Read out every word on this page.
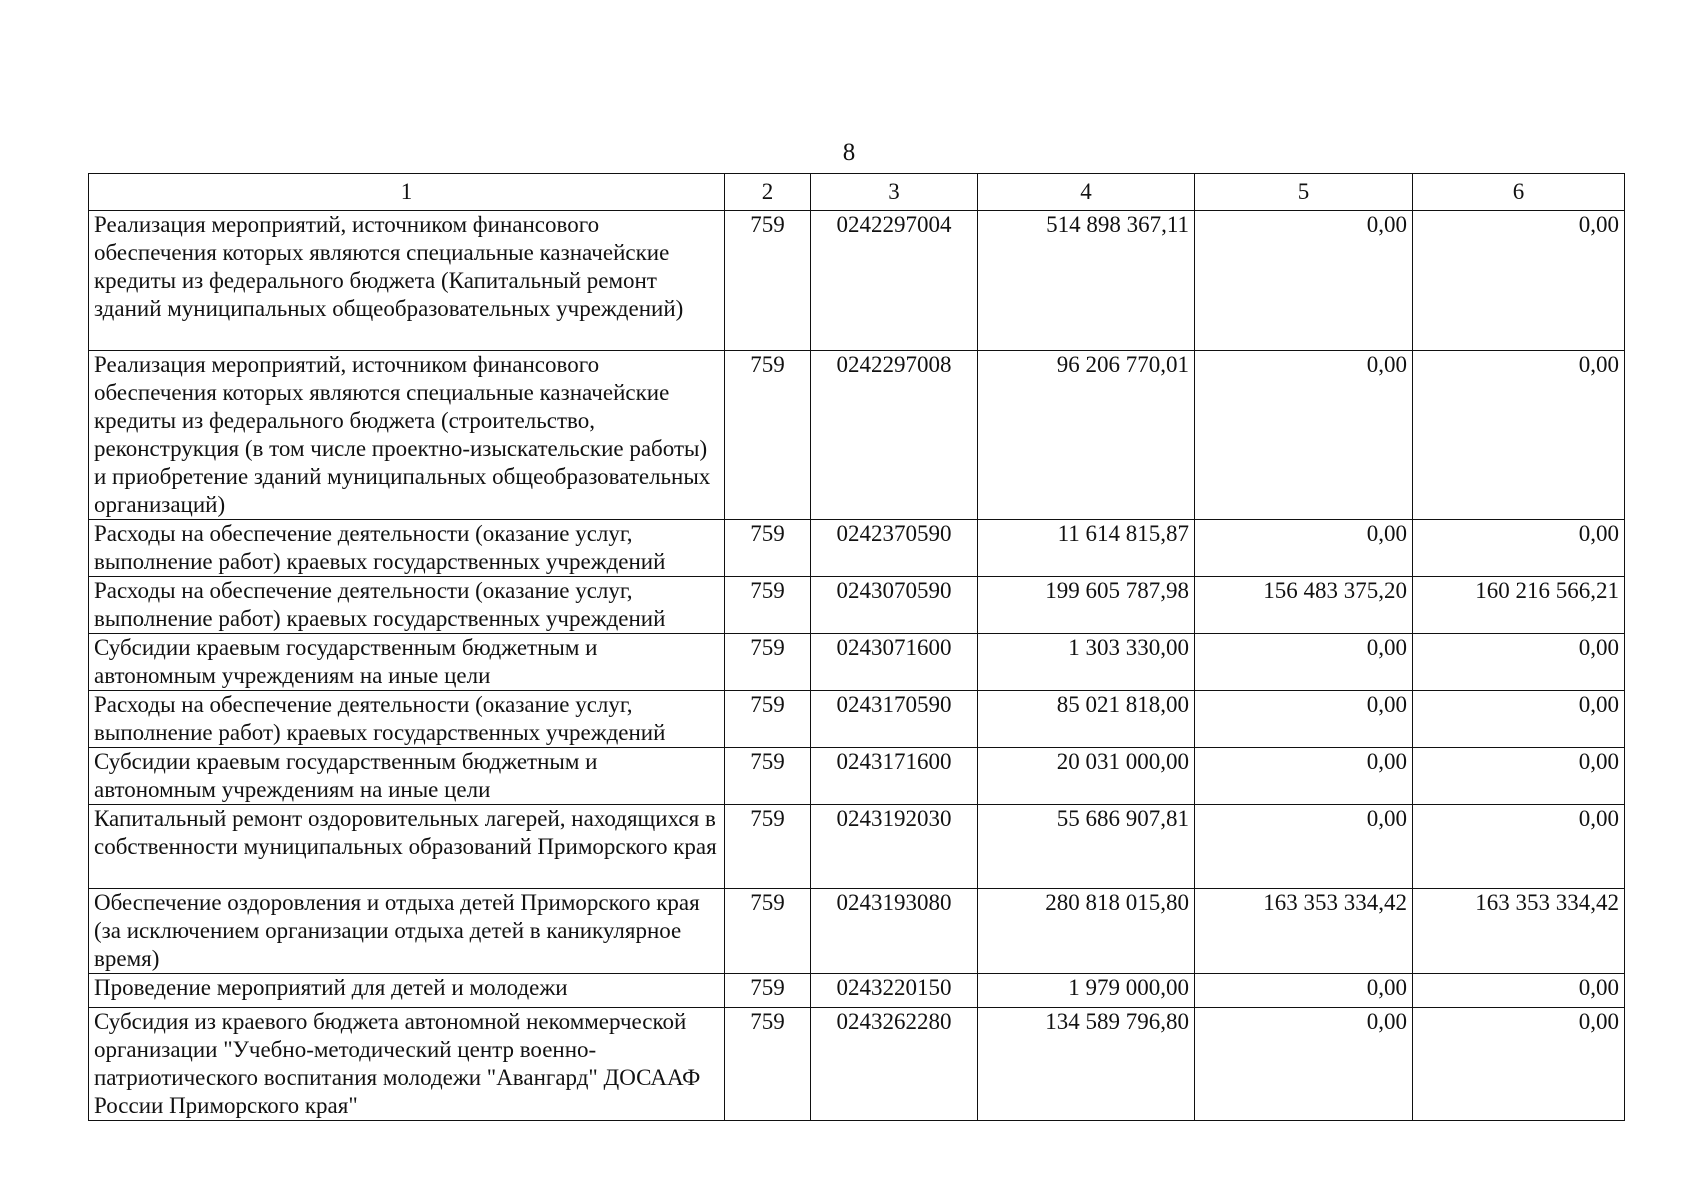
8
1	2	3	4	5	6
Реализация мероприятий, источником финансового обеспечения которых являются специальные казначейские кредиты из федерального бюджета (Капитальный ремонт зданий муниципальных общеобразовательных учреждений)	759	0242297004	514 898 367,11	0,00	0,00
Реализация мероприятий, источником финансового обеспечения которых являются специальные казначейские кредиты из федерального бюджета (строительство, реконструкция (в том числе проектно-изыскательские работы) и приобретение зданий муниципальных общеобразовательных организаций)	759	0242297008	96 206 770,01	0,00	0,00
Расходы на обеспечение деятельности (оказание услуг, выполнение работ) краевых государственных учреждений	759	0242370590	11 614 815,87	0,00	0,00
Расходы на обеспечение деятельности (оказание услуг, выполнение работ) краевых государственных учреждений	759	0243070590	199 605 787,98	156 483 375,20	160 216 566,21
Субсидии краевым государственным бюджетным и автономным учреждениям на иные цели	759	0243071600	1 303 330,00	0,00	0,00
Расходы на обеспечение деятельности (оказание услуг, выполнение работ) краевых государственных учреждений	759	0243170590	85 021 818,00	0,00	0,00
Субсидии краевым государственным бюджетным и автономным учреждениям на иные цели	759	0243171600	20 031 000,00	0,00	0,00
Капитальный ремонт оздоровительных лагерей, находящихся в собственности муниципальных образований Приморского края	759	0243192030	55 686 907,81	0,00	0,00
Обеспечение оздоровления и отдыха детей Приморского края (за исключением организации отдыха детей в каникулярное время)	759	0243193080	280 818 015,80	163 353 334,42	163 353 334,42
Проведение мероприятий для детей и молодежи	759	0243220150	1 979 000,00	0,00	0,00
Субсидия из краевого бюджета автономной некоммерческой организации "Учебно-методический центр военно-патриотического воспитания молодежи "Авангард" ДОСААФ России Приморского края"	759	0243262280	134 589 796,80	0,00	0,00
